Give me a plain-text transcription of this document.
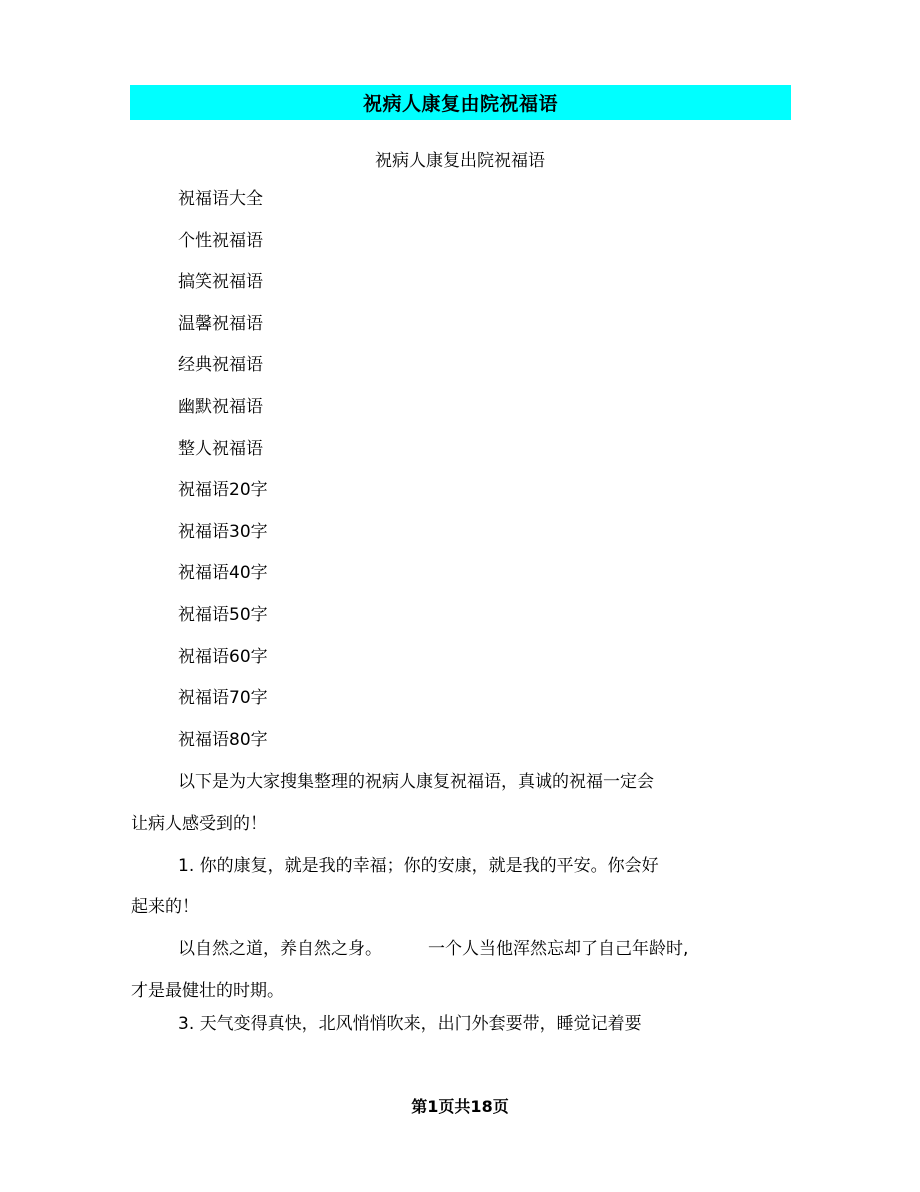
祝病人康复由院祝福语
祝病人康复出院祝福语
祝福语大全
个性祝福语
搞笑祝福语
温馨祝福语
经典祝福语
幽默祝福语
整人祝福语
祝福语20字
祝福语30字
祝福语40字
祝福语50字
祝福语60字
祝福语70字
祝福语80字
以下是为大家搜集整理的祝病人康复祝福语，真诚的祝福一定会
让病人感受到的！
1. 你的康复，就是我的幸福；你的安康，就是我的平安。你会好
起来的！
以自然之道，养自然之身。	一个人当他浑然忘却了自己年龄时,
才是最健壮的时期。
3. 天气变得真快，北风悄悄吹来，出门外套要带，睡觉记着要
第1页共18页
